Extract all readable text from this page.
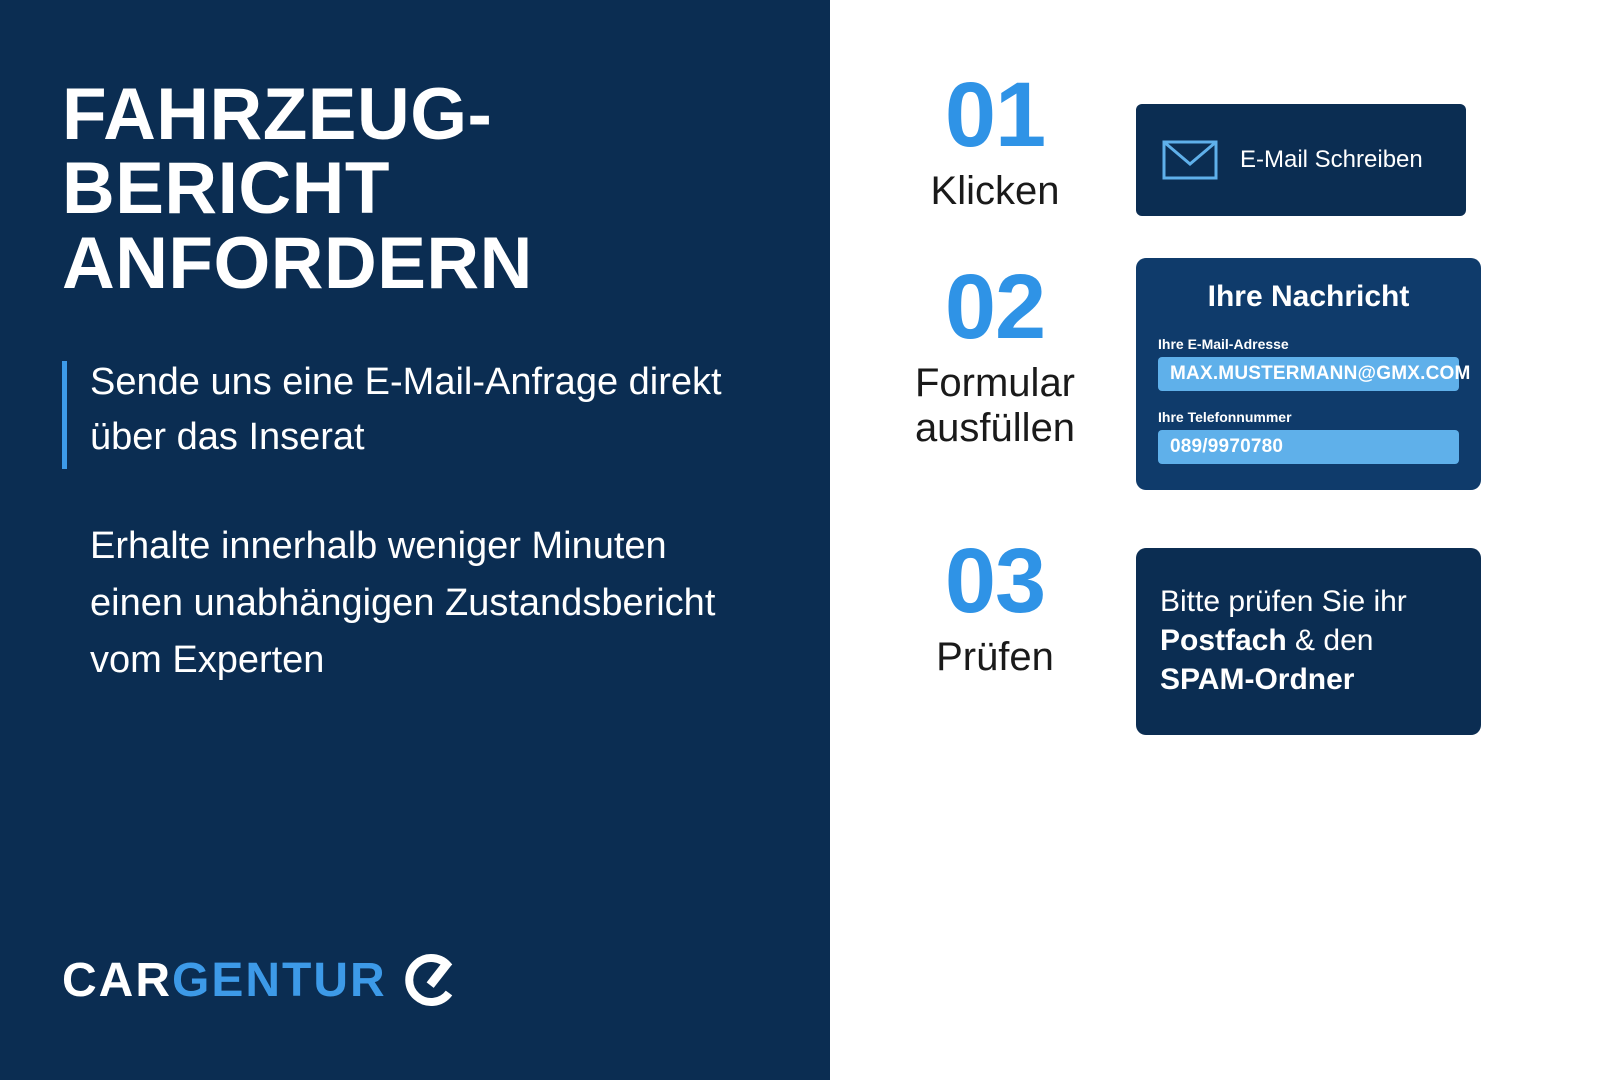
FAHRZEUG-
BERICHT
ANFORDERN

Sende uns eine E-Mail-Anfrage direkt über das Inserat

Erhalte innerhalb weniger Minuten einen unabhängigen Zustandsbericht vom Experten

CARGENTUR
01
Klicken
E-Mail Schreiben
02
Formular ausfüllen
Ihre Nachricht
Ihre E-Mail-Adresse
MAX.MUSTERMANN@GMX.COM
Ihre Telefonnummer
089/9970780
03
Prüfen
Bitte prüfen Sie ihr
Postfach & den
SPAM-Ordner
